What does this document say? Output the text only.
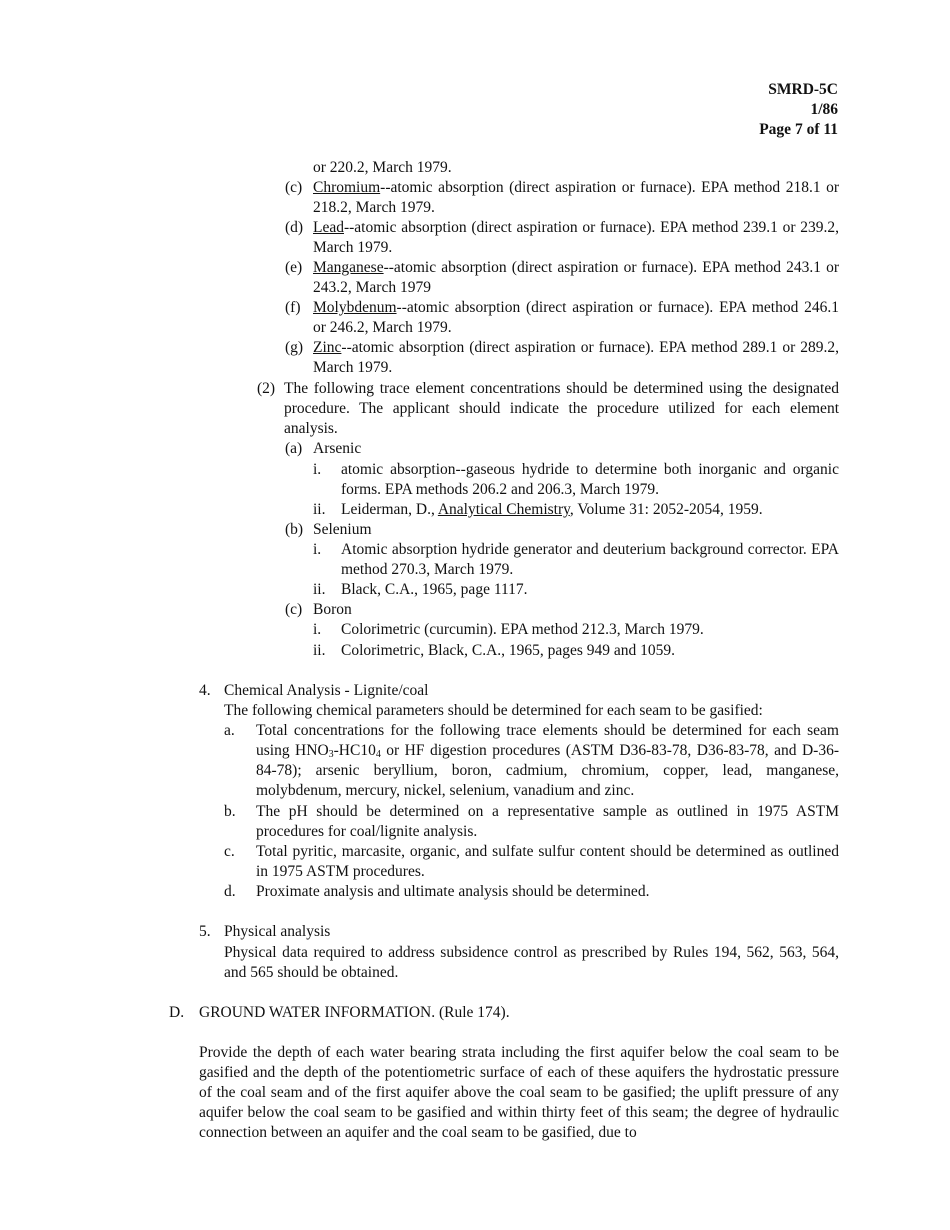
SMRD-5C
1/86
Page 7 of 11
or 220.2, March 1979.
(c) Chromium--atomic absorption (direct aspiration or furnace). EPA method 218.1 or 218.2, March 1979.
(d) Lead--atomic absorption (direct aspiration or furnace). EPA method 239.1 or 239.2, March 1979.
(e) Manganese--atomic absorption (direct aspiration or furnace). EPA method 243.1 or 243.2, March 1979
(f) Molybdenum--atomic absorption (direct aspiration or furnace). EPA method 246.1 or 246.2, March 1979.
(g) Zinc--atomic absorption (direct aspiration or furnace). EPA method 289.1 or 289.2, March 1979.
(2) The following trace element concentrations should be determined using the designated procedure. The applicant should indicate the procedure utilized for each element analysis.
(a) Arsenic
i. atomic absorption--gaseous hydride to determine both inorganic and organic forms. EPA methods 206.2 and 206.3, March 1979.
ii. Leiderman, D., Analytical Chemistry, Volume 31: 2052-2054, 1959.
(b) Selenium
i. Atomic absorption hydride generator and deuterium background corrector. EPA method 270.3, March 1979.
ii. Black, C.A., 1965, page 1117.
(c) Boron
i. Colorimetric (curcumin). EPA method 212.3, March 1979.
ii. Colorimetric, Black, C.A., 1965, pages 949 and 1059.
4. Chemical Analysis - Lignite/coal
The following chemical parameters should be determined for each seam to be gasified:
a. Total concentrations for the following trace elements should be determined for each seam using $HNO_3-HC10_4$ or HF digestion procedures (ASTM D36-83-78, D36-83-78, and D-36-84-78); arsenic beryllium, boron, cadmium, chromium, copper, lead, manganese, molybdenum, mercury, nickel, selenium, vanadium and zinc.
b. The pH should be determined on a representative sample as outlined in 1975 ASTM procedures for coal/lignite analysis.
c. Total pyritic, marcasite, organic, and sulfate sulfur content should be determined as outlined in 1975 ASTM procedures.
d. Proximate analysis and ultimate analysis should be determined.
5. Physical analysis
Physical data required to address subsidence control as prescribed by Rules 194, 562, 563, 564, and 565 should be obtained.
D. GROUND WATER INFORMATION. (Rule 174).
Provide the depth of each water bearing strata including the first aquifer below the coal seam to be gasified and the depth of the potentiometric surface of each of these aquifers the hydrostatic pressure of the coal seam and of the first aquifer above the coal seam to be gasified; the uplift pressure of any aquifer below the coal seam to be gasified and within thirty feet of this seam; the degree of hydraulic connection between an aquifer and the coal seam to be gasified, due to
